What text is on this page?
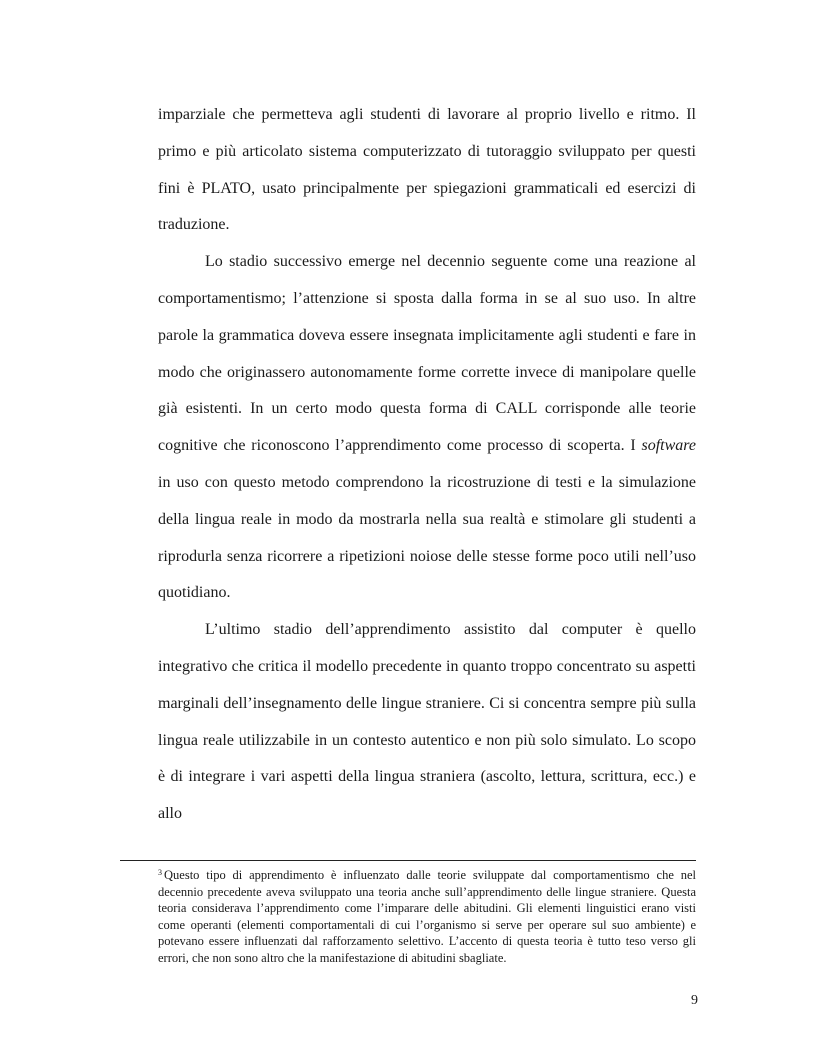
imparziale che permetteva agli studenti di lavorare al proprio livello e ritmo. Il primo e più articolato sistema computerizzato di tutoraggio sviluppato per questi fini è PLATO, usato principalmente per spiegazioni grammaticali ed esercizi di traduzione.

Lo stadio successivo emerge nel decennio seguente come una reazione al comportamentismo; l’attenzione si sposta dalla forma in se al suo uso. In altre parole la grammatica doveva essere insegnata implicitamente agli studenti e fare in modo che originassero autonomamente forme corrette invece di manipolare quelle già esistenti. In un certo modo questa forma di CALL corrisponde alle teorie cognitive che riconoscono l’apprendimento come processo di scoperta. I software in uso con questo metodo comprendono la ricostruzione di testi e la simulazione della lingua reale in modo da mostrarla nella sua realtà e stimolare gli studenti a riprodurla senza ricorrere a ripetizioni noiose delle stesse forme poco utili nell’uso quotidiano.

L’ultimo stadio dell’apprendimento assistito dal computer è quello integrativo che critica il modello precedente in quanto troppo concentrato su aspetti marginali dell’insegnamento delle lingue straniere. Ci si concentra sempre più sulla lingua reale utilizzabile in un contesto autentico e non più solo simulato. Lo scopo è di integrare i vari aspetti della lingua straniera (ascolto, lettura, scrittura, ecc.) e allo

$^3$ Questo tipo di apprendimento è influenzato dalle teorie sviluppate dal comportamentismo che nel decennio precedente aveva sviluppato una teoria anche sull’apprendimento delle lingue straniere. Questa teoria considerava l’apprendimento come l’imparare delle abitudini. Gli elementi linguistici erano visti come operanti (elementi comportamentali di cui l’organismo si serve per operare sul suo ambiente) e potevano essere influenzati dal rafforzamento selettivo. L’accento di questa teoria è tutto teso verso gli errori, che non sono altro che la manifestazione di abitudini sbagliate.

9
